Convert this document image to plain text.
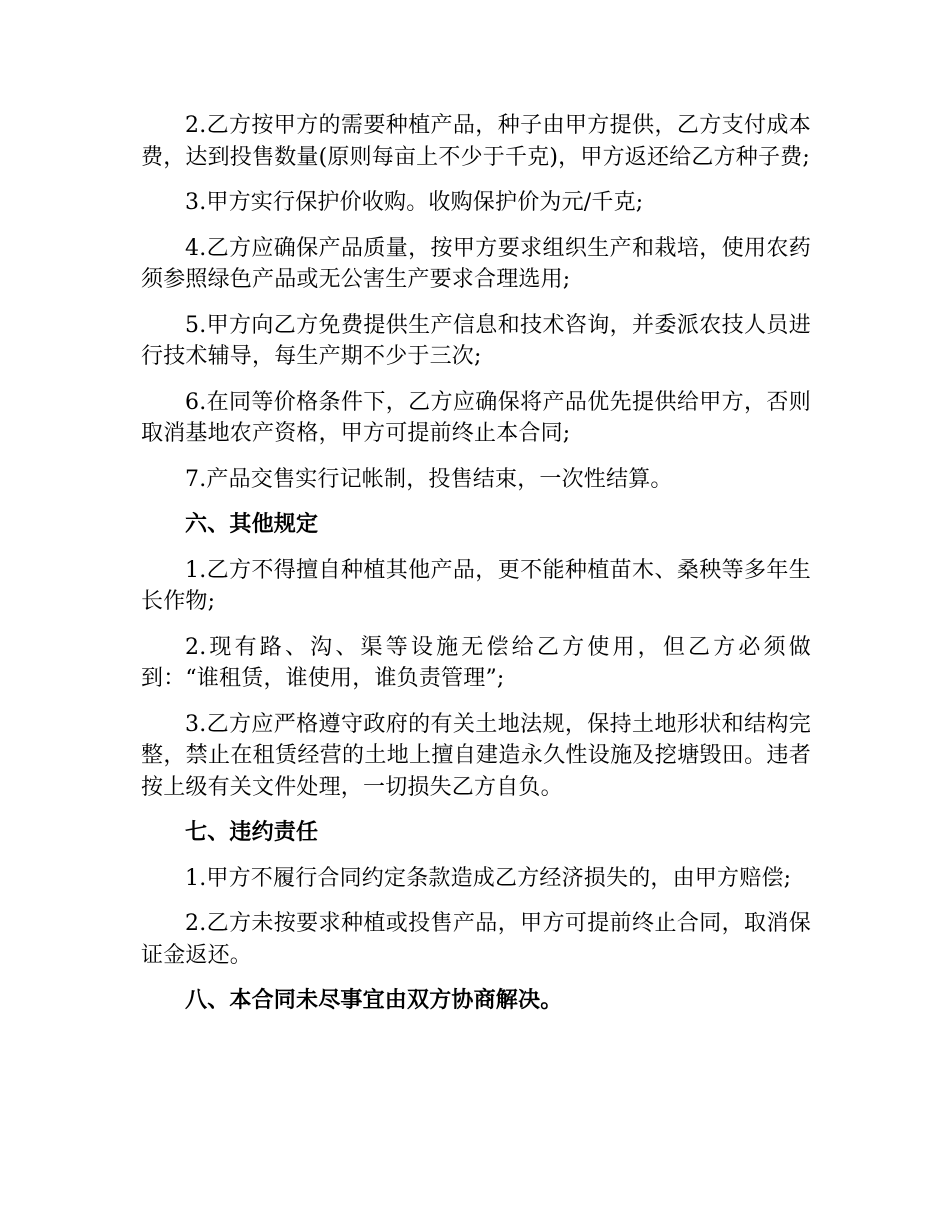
2.乙方按甲方的需要种植产品，种子由甲方提供，乙方支付成本费，达到投售数量(原则每亩上不少于千克)，甲方返还给乙方种子费;

3.甲方实行保护价收购。收购保护价为元/千克;

4.乙方应确保产品质量，按甲方要求组织生产和栽培，使用农药须参照绿色产品或无公害生产要求合理选用;

5.甲方向乙方免费提供生产信息和技术咨询，并委派农技人员进行技术辅导，每生产期不少于三次;

6.在同等价格条件下，乙方应确保将产品优先提供给甲方，否则取消基地农产资格，甲方可提前终止本合同;

7.产品交售实行记帐制，投售结束，一次性结算。

六、其他规定

1.乙方不得擅自种植其他产品，更不能种植苗木、桑秧等多年生长作物;

2.现有路、沟、渠等设施无偿给乙方使用，但乙方必须做到：“谁租赁，谁使用，谁负责管理”;

3.乙方应严格遵守政府的有关土地法规，保持土地形状和结构完整，禁止在租赁经营的土地上擅自建造永久性设施及挖塘毁田。违者按上级有关文件处理，一切损失乙方自负。

七、违约责任

1.甲方不履行合同约定条款造成乙方经济损失的，由甲方赔偿;

2.乙方未按要求种植或投售产品，甲方可提前终止合同，取消保证金返还。

八、本合同未尽事宜由双方协商解决。
